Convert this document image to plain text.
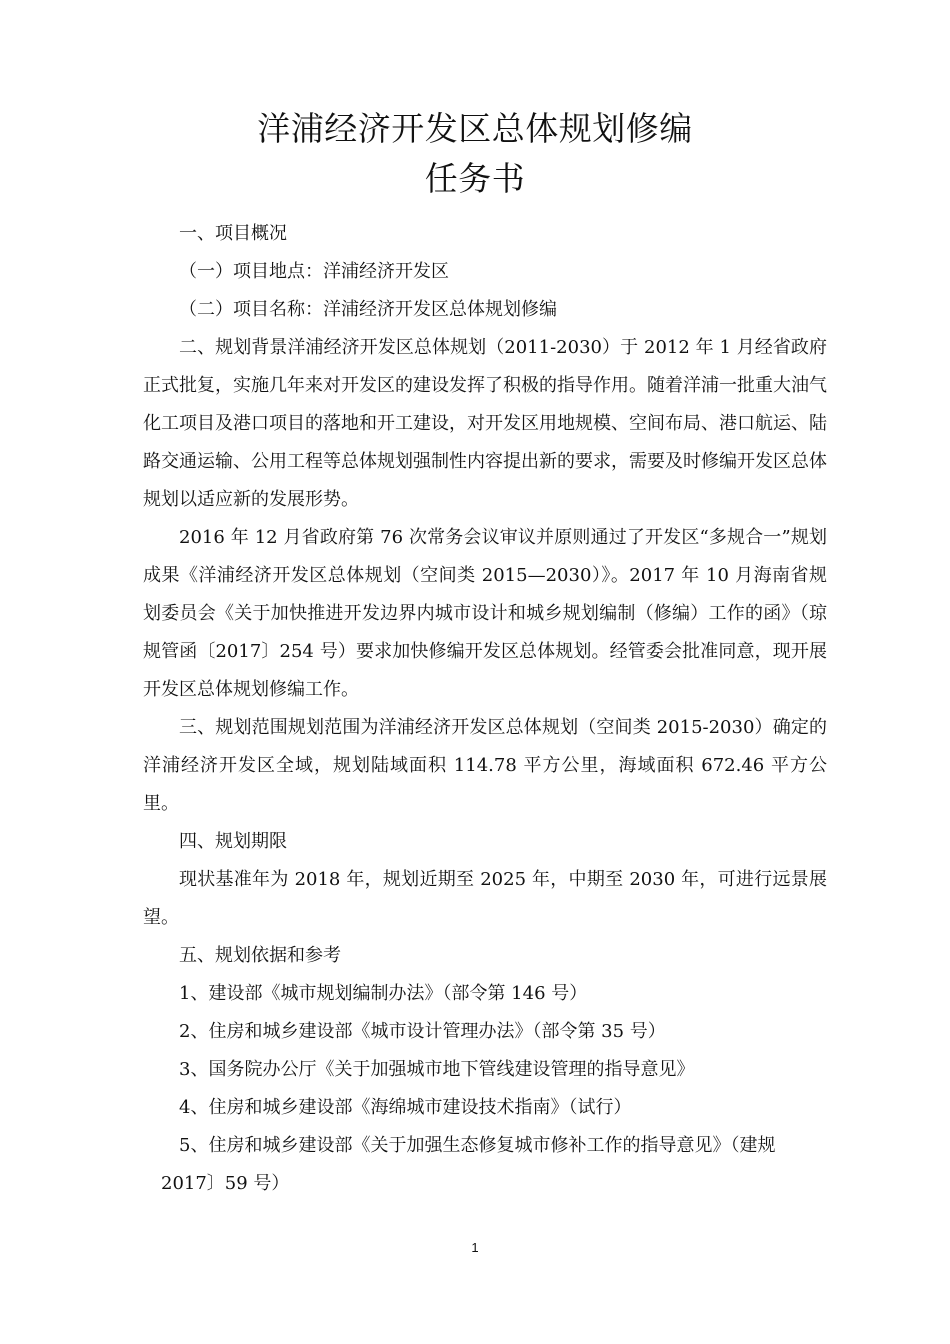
洋浦经济开发区总体规划修编
任务书

一、项目概况

（一）项目地点：洋浦经济开发区

（二）项目名称：洋浦经济开发区总体规划修编

二、规划背景洋浦经济开发区总体规划（2011-2030）于 2012 年 1 月经省政府正式批复，实施几年来对开发区的建设发挥了积极的指导作用。随着洋浦一批重大油气化工项目及港口项目的落地和开工建设，对开发区用地规模、空间布局、港口航运、陆路交通运输、公用工程等总体规划强制性内容提出新的要求，需要及时修编开发区总体规划以适应新的发展形势。

2016 年 12 月省政府第 76 次常务会议审议并原则通过了开发区“多规合一”规划成果《洋浦经济开发区总体规划（空间类 2015—2030）》。2017 年 10 月海南省规划委员会《关于加快推进开发边界内城市设计和城乡规划编制（修编）工作的函》（琼规管函〔2017〕254 号）要求加快修编开发区总体规划。经管委会批准同意，现开展开发区总体规划修编工作。

三、规划范围规划范围为洋浦经济开发区总体规划（空间类 2015-2030）确定的洋浦经济开发区全域，规划陆域面积 114.78 平方公里，海域面积 672.46 平方公里。

四、规划期限

现状基准年为 2018 年，规划近期至 2025 年，中期至 2030 年，可进行远景展望。

五、规划依据和参考

1、建设部《城市规划编制办法》（部令第 146 号）

2、住房和城乡建设部《城市设计管理办法》（部令第 35 号）

3、国务院办公厅《关于加强城市地下管线建设管理的指导意见》

4、住房和城乡建设部《海绵城市建设技术指南》（试行）

5、住房和城乡建设部《关于加强生态修复城市修补工作的指导意见》（建规

2017〕59 号）

1
